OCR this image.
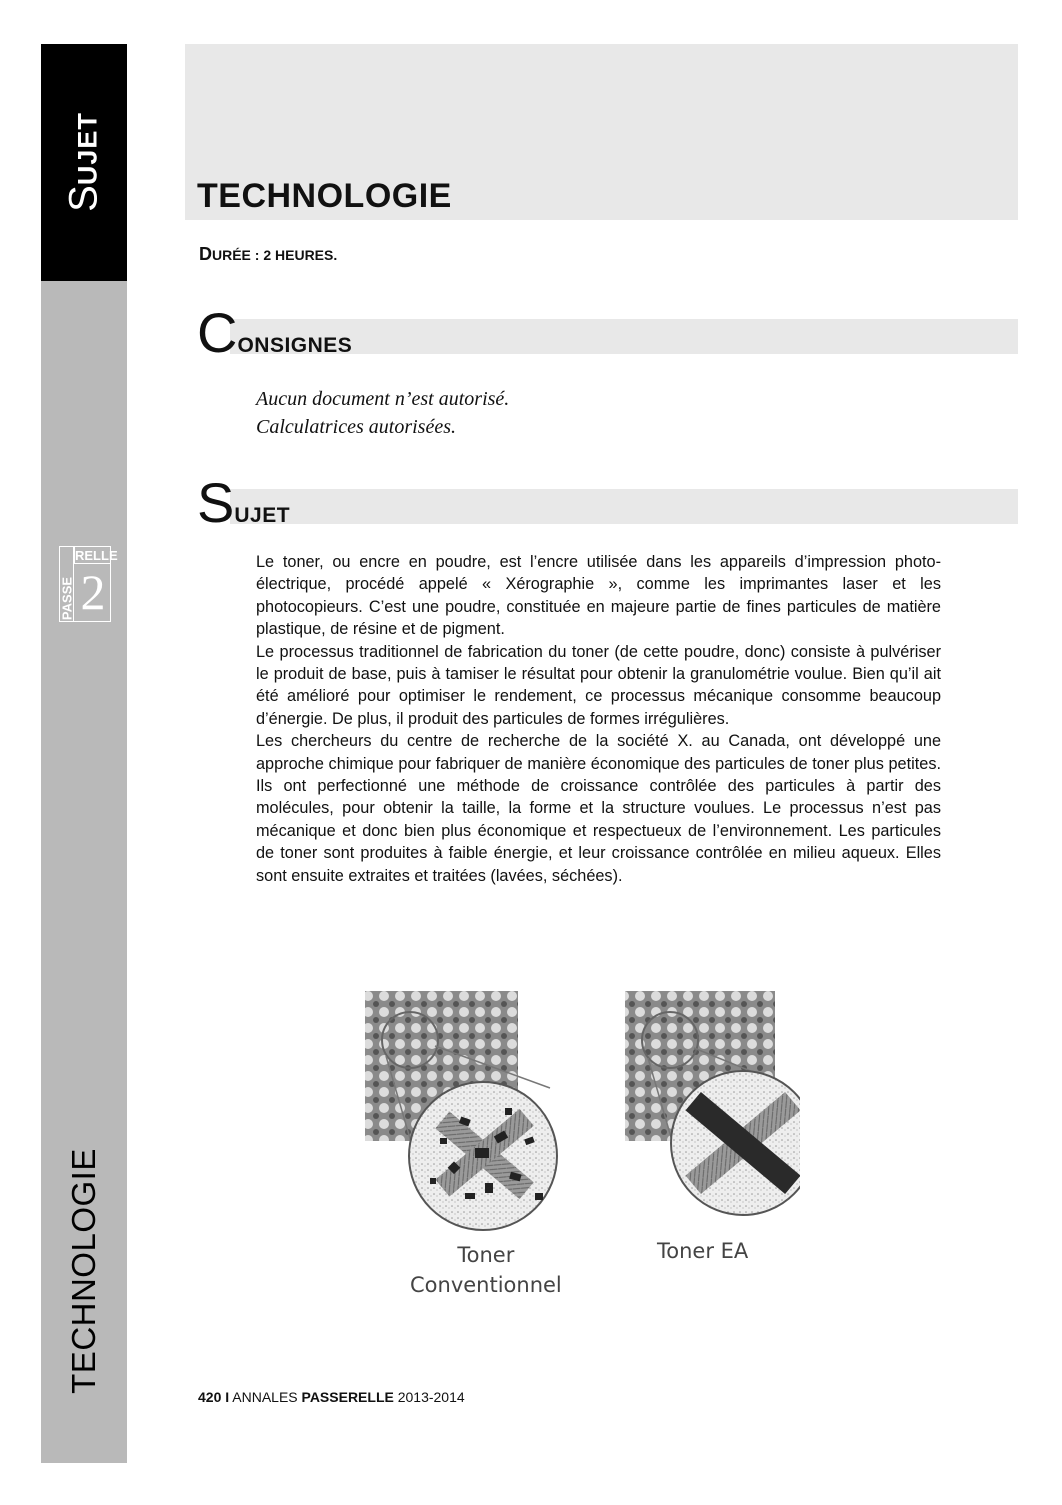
SUJET
TECHNOLOGIE
RELLE
PASSE 2
TECHNOLOGIE

DURÉE : 2 HEURES.

CONSIGNES
Aucun document n’est autorisé.
Calculatrices autorisées.
SUJET

Le toner, ou encre en poudre, est l’encre utilisée dans les appareils d’impression photo-électrique, procédé appelé « Xérographie », comme les imprimantes laser et les photocopieurs. C’est une poudre, constituée en majeure partie de fines particules de matière plastique, de résine et de pigment.

Le processus traditionnel de fabrication du toner (de cette poudre, donc) consiste à pulvériser le produit de base, puis à tamiser le résultat pour obtenir la granulométrie voulue. Bien qu’il ait été amélioré pour optimiser le rendement, ce processus mécanique consomme beaucoup d’énergie. De plus, il produit des particules de formes irrégulières.

Les chercheurs du centre de recherche de la société X. au Canada, ont développé une approche chimique pour fabriquer de manière économique des particules de toner plus petites. Ils ont perfectionné une méthode de croissance contrôlée des particules à partir des molécules, pour obtenir la taille, la forme et la structure voulues. Le processus n’est pas mécanique et donc bien plus économique et respectueux de l’environnement. Les particules de toner sont produites à faible énergie, et leur croissance contrôlée en milieu aqueux. Elles sont ensuite extraites et traitées (lavées, séchées).

Toner
Conventionnel
Toner EA

420 I ANNALES PASSERELLE 2013-2014
